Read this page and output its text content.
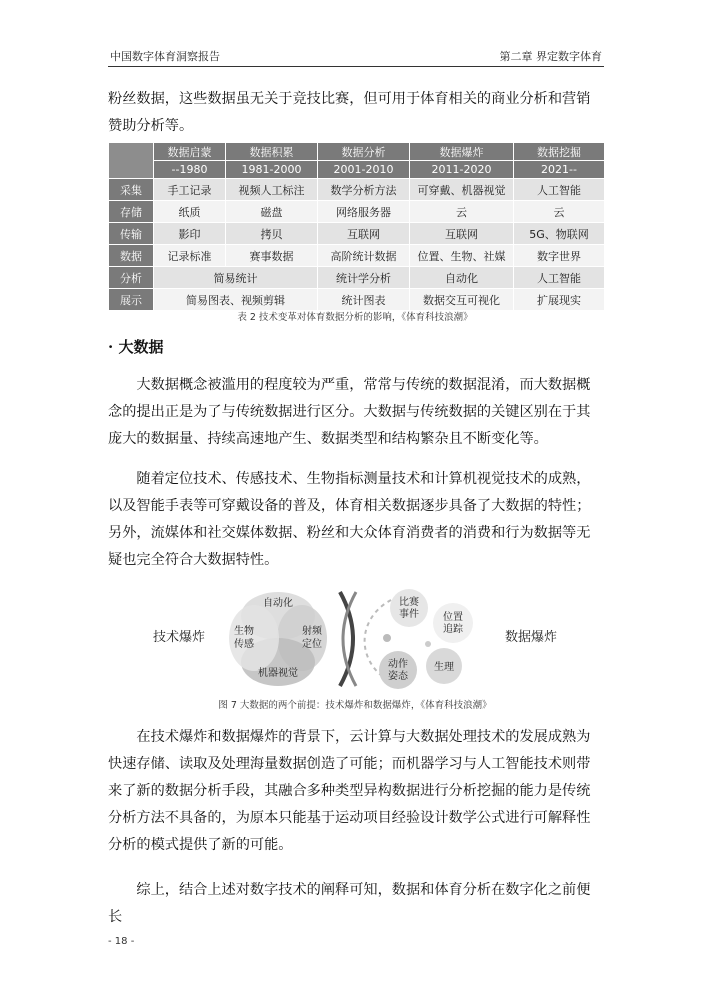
中国数字体育洞察报告	第二章 界定数字体育

粉丝数据，这些数据虽无关于竞技比赛，但可用于体育相关的商业分析和营销赞助分析等。

	数据启蒙	数据积累	数据分析	数据爆炸	数据挖掘
	--1980	1981-2000	2001-2010	2011-2020	2021--
采集	手工记录	视频人工标注	数学分析方法	可穿戴、机器视觉	人工智能
存储	纸质	磁盘	网络服务器	云	云
传输	影印	拷贝	互联网	互联网	5G、物联网
数据	记录标准	赛事数据	高阶统计数据	位置、生物、社媒	数字世界
分析	简易统计		统计学分析	自动化	人工智能
展示	简易图表、视频剪辑		统计图表	数据交互可视化	扩展现实
表 2 技术变革对体育数据分析的影响，《体育科技浪潮》
· 大数据

大数据概念被滥用的程度较为严重，常常与传统的数据混淆，而大数据概念的提出正是为了与传统数据进行区分。大数据与传统数据的关键区别在于其庞大的数据量、持续高速地产生、数据类型和结构繁杂且不断变化等。

随着定位技术、传感技术、生物指标测量技术和计算机视觉技术的成熟，以及智能手表等可穿戴设备的普及，体育相关数据逐步具备了大数据的特性；另外，流媒体和社交媒体数据、粉丝和大众体育消费者的消费和行为数据等无疑也完全符合大数据特性。

技术爆炸	数据爆炸
自动化
射频定位
机器视觉
生物传感
比赛事件 位置追踪
动作姿态
生理
图 7 大数据的两个前提：技术爆炸和数据爆炸，《体育科技浪潮》

在技术爆炸和数据爆炸的背景下，云计算与大数据处理技术的发展成熟为快速存储、读取及处理海量数据创造了可能；而机器学习与人工智能技术则带来了新的数据分析手段，其融合多种类型异构数据进行分析挖掘的能力是传统分析方法不具备的，为原本只能基于运动项目经验设计数学公式进行可解释性分析的模式提供了新的可能。

综上，结合上述对数字技术的阐释可知，数据和体育分析在数字化之前便长

- 18 -
